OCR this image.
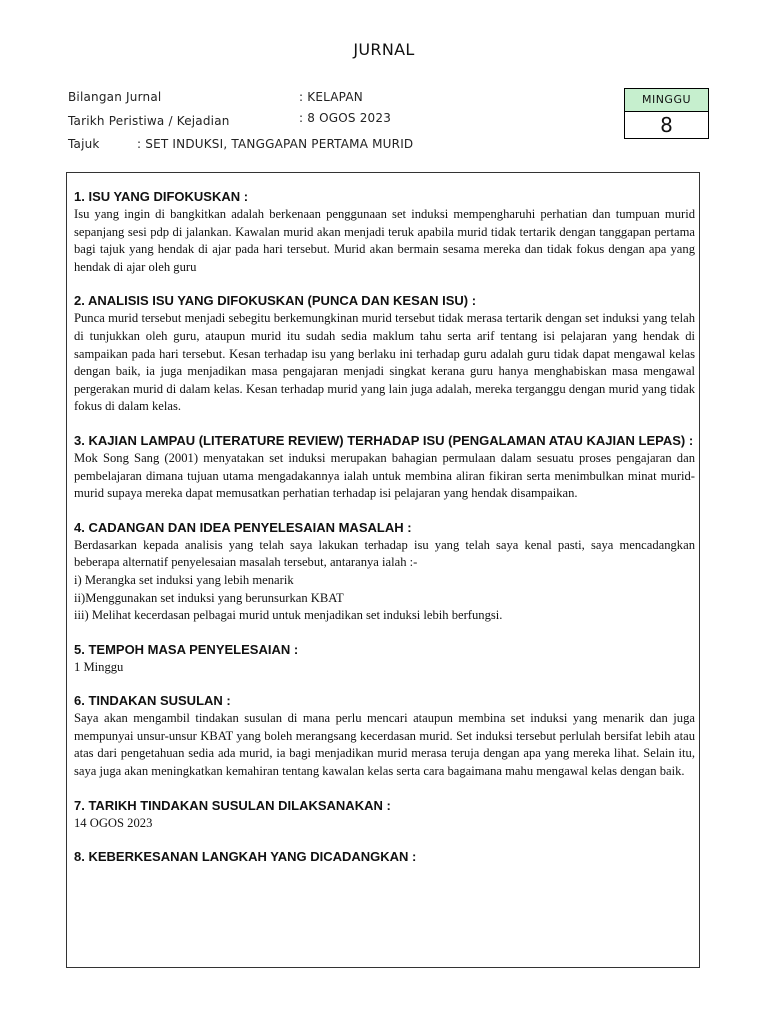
JURNAL
Bilangan Jurnal	: KELAPAN
Tarikh Peristiwa / Kejadian	: 8 OGOS 2023
Tajuk	: SET INDUKSI, TANGGAPAN PERTAMA MURID
MINGGU
8
1. ISU YANG DIFOKUSKAN :

Isu yang ingin di bangkitkan adalah berkenaan penggunaan set induksi mempengharuhi perhatian dan tumpuan murid sepanjang sesi pdp di jalankan. Kawalan murid akan menjadi teruk apabila murid tidak tertarik dengan tanggapan pertama bagi tajuk yang hendak di ajar pada hari tersebut. Murid akan bermain sesama mereka dan tidak fokus dengan apa yang hendak di ajar oleh guru

2. ANALISIS ISU YANG DIFOKUSKAN (PUNCA DAN KESAN ISU) :

Punca murid tersebut menjadi sebegitu berkemungkinan murid tersebut tidak merasa tertarik dengan set induksi yang telah di tunjukkan oleh guru, ataupun murid itu sudah sedia maklum tahu serta arif tentang isi pelajaran yang hendak di sampaikan pada hari tersebut. Kesan terhadap isu yang berlaku ini terhadap guru adalah guru tidak dapat mengawal kelas dengan baik, ia juga menjadikan masa pengajaran menjadi singkat kerana guru hanya menghabiskan masa mengawal pergerakan murid di dalam kelas. Kesan terhadap murid yang lain juga adalah, mereka terganggu dengan murid yang tidak fokus di dalam kelas.

3. KAJIAN LAMPAU (LITERATURE REVIEW) TERHADAP ISU (PENGALAMAN ATAU KAJIAN LEPAS) :

Mok Song Sang (2001) menyatakan set induksi merupakan bahagian permulaan dalam sesuatu proses pengajaran dan pembelajaran dimana tujuan utama mengadakannya ialah untuk membina aliran fikiran serta menimbulkan minat murid-murid supaya mereka dapat memusatkan perhatian terhadap isi pelajaran yang hendak disampaikan.

4. CADANGAN DAN IDEA PENYELESAIAN MASALAH :

Berdasarkan kepada analisis yang telah saya lakukan terhadap isu yang telah saya kenal pasti, saya mencadangkan beberapa alternatif penyelesaian masalah tersebut, antaranya ialah :-

i) Merangka set induksi yang lebih menarik

ii)Menggunakan set induksi yang berunsurkan KBAT

iii) Melihat kecerdasan pelbagai murid untuk menjadikan set induksi lebih berfungsi.

5. TEMPOH MASA PENYELESAIAN :

1 Minggu

6. TINDAKAN SUSULAN :

Saya akan mengambil tindakan susulan di mana perlu mencari ataupun membina set induksi yang menarik dan juga mempunyai unsur-unsur KBAT yang boleh merangsang kecerdasan murid. Set induksi tersebut perlulah bersifat lebih atau atas dari pengetahuan sedia ada murid, ia bagi menjadikan murid merasa teruja dengan apa yang mereka lihat. Selain itu, saya juga akan meningkatkan kemahiran tentang kawalan kelas serta cara bagaimana mahu mengawal kelas dengan baik.

7. TARIKH TINDAKAN SUSULAN DILAKSANAKAN :

14 OGOS 2023

8. KEBERKESANAN LANGKAH YANG DICADANGKAN :
